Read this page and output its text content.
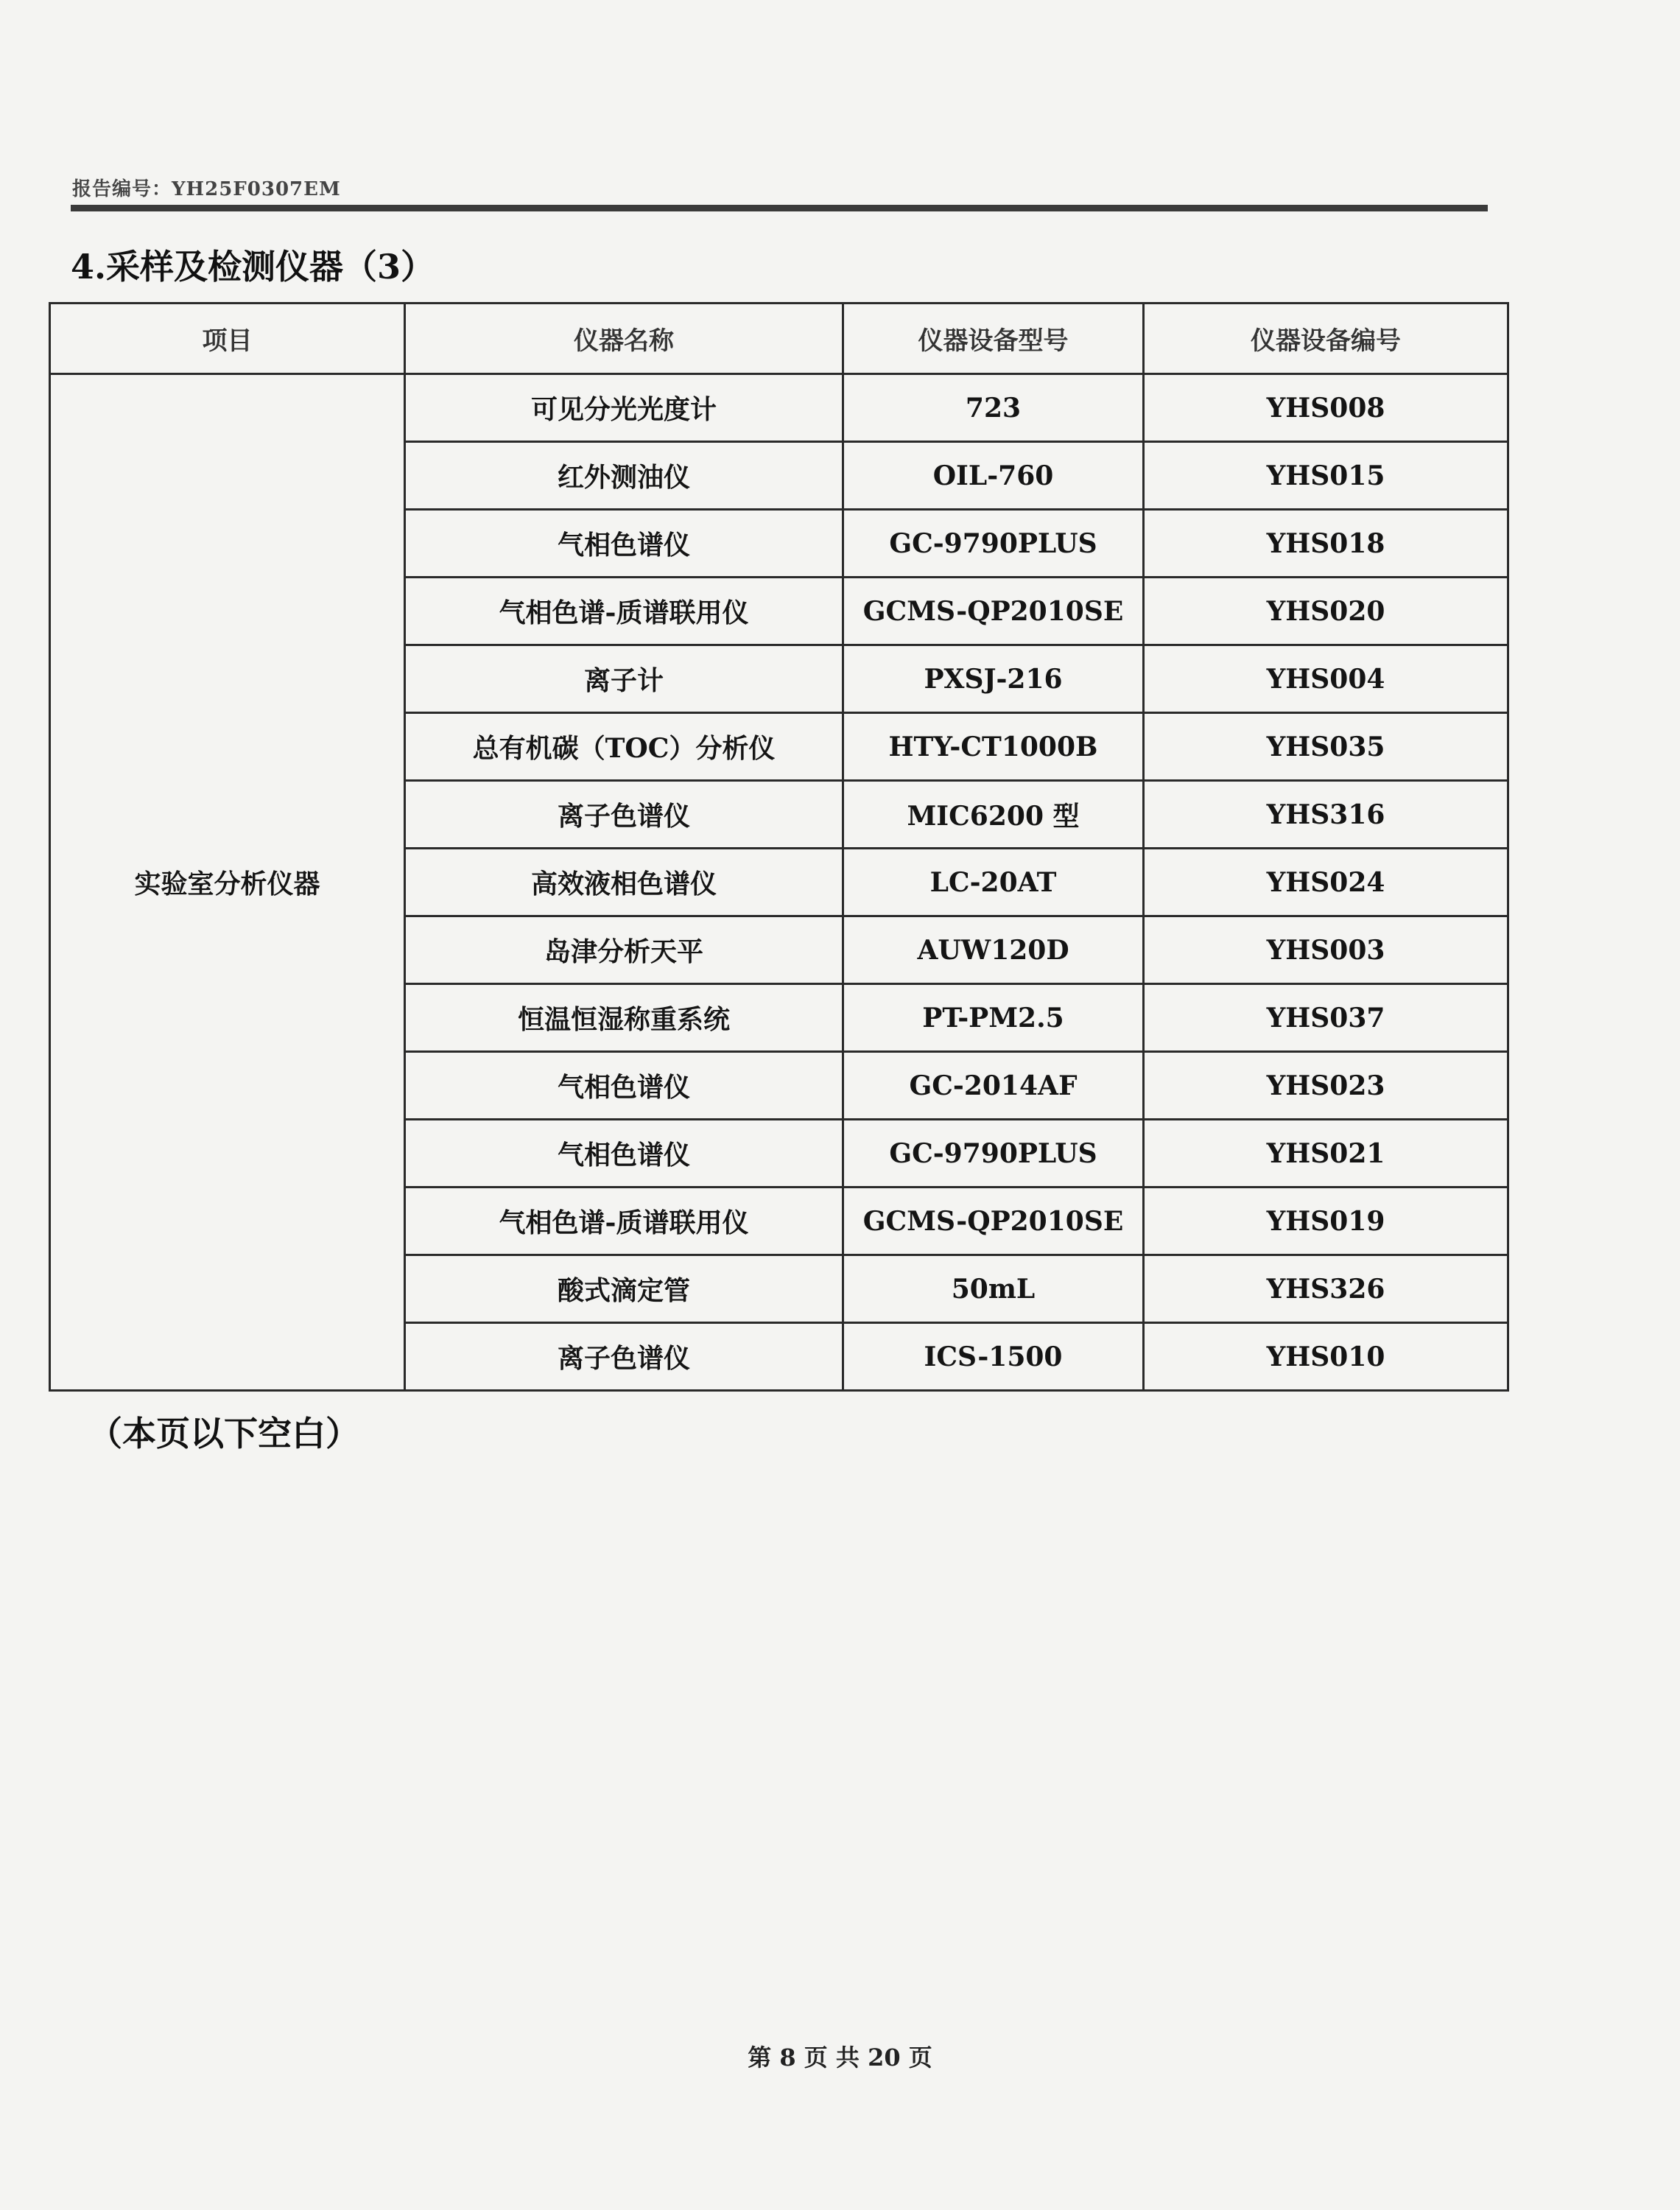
报告编号：YH25F0307EM
4.采样及检测仪器（3）
项目	仪器名称	仪器设备型号	仪器设备编号
实验室分析仪器	可见分光光度计	723	YHS008
	红外测油仪	OIL-760	YHS015
	气相色谱仪	GC-9790PLUS	YHS018
	气相色谱-质谱联用仪	GCMS-QP2010SE	YHS020
	离子计	PXSJ-216	YHS004
	总有机碳（TOC）分析仪	HTY-CT1000B	YHS035
	离子色谱仪	MIC6200 型	YHS316
	高效液相色谱仪	LC-20AT	YHS024
	岛津分析天平	AUW120D	YHS003
	恒温恒湿称重系统	PT-PM2.5	YHS037
	气相色谱仪	GC-2014AF	YHS023
	气相色谱仪	GC-9790PLUS	YHS021
	气相色谱-质谱联用仪	GCMS-QP2010SE	YHS019
	酸式滴定管	50mL	YHS326
	离子色谱仪	ICS-1500	YHS010
（本页以下空白）
第 8 页 共 20 页
